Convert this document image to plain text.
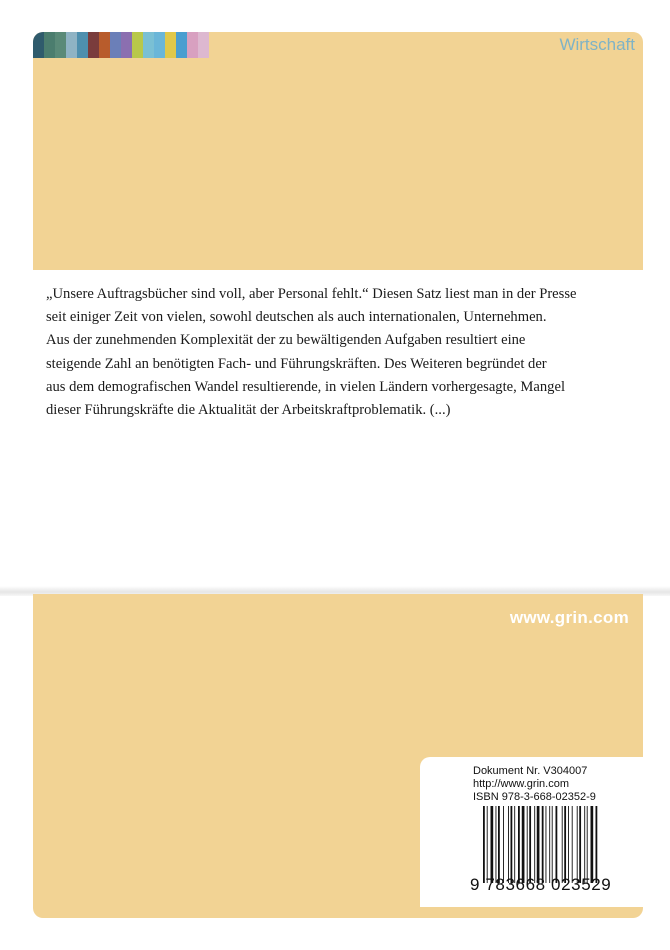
Wirtschaft

„Unsere Auftragsbücher sind voll, aber Personal fehlt.“ Diesen Satz liest man in der Presse

seit einiger Zeit von vielen, sowohl deutschen als auch internationalen, Unternehmen.

Aus der zunehmenden Komplexität der zu bewältigenden Aufgaben resultiert eine

steigende Zahl an benötigten Fach- und Führungskräften. Des Weiteren begründet der

aus dem demografischen Wandel resultierende, in vielen Ländern vorhergesagte, Mangel

dieser Führungskräfte die Aktualität der Arbeitskraftproblematik. (...)

www.grin.com
Dokument Nr. V304007
http://www.grin.com
ISBN 978-3-668-02352-9
9 783668 023529
